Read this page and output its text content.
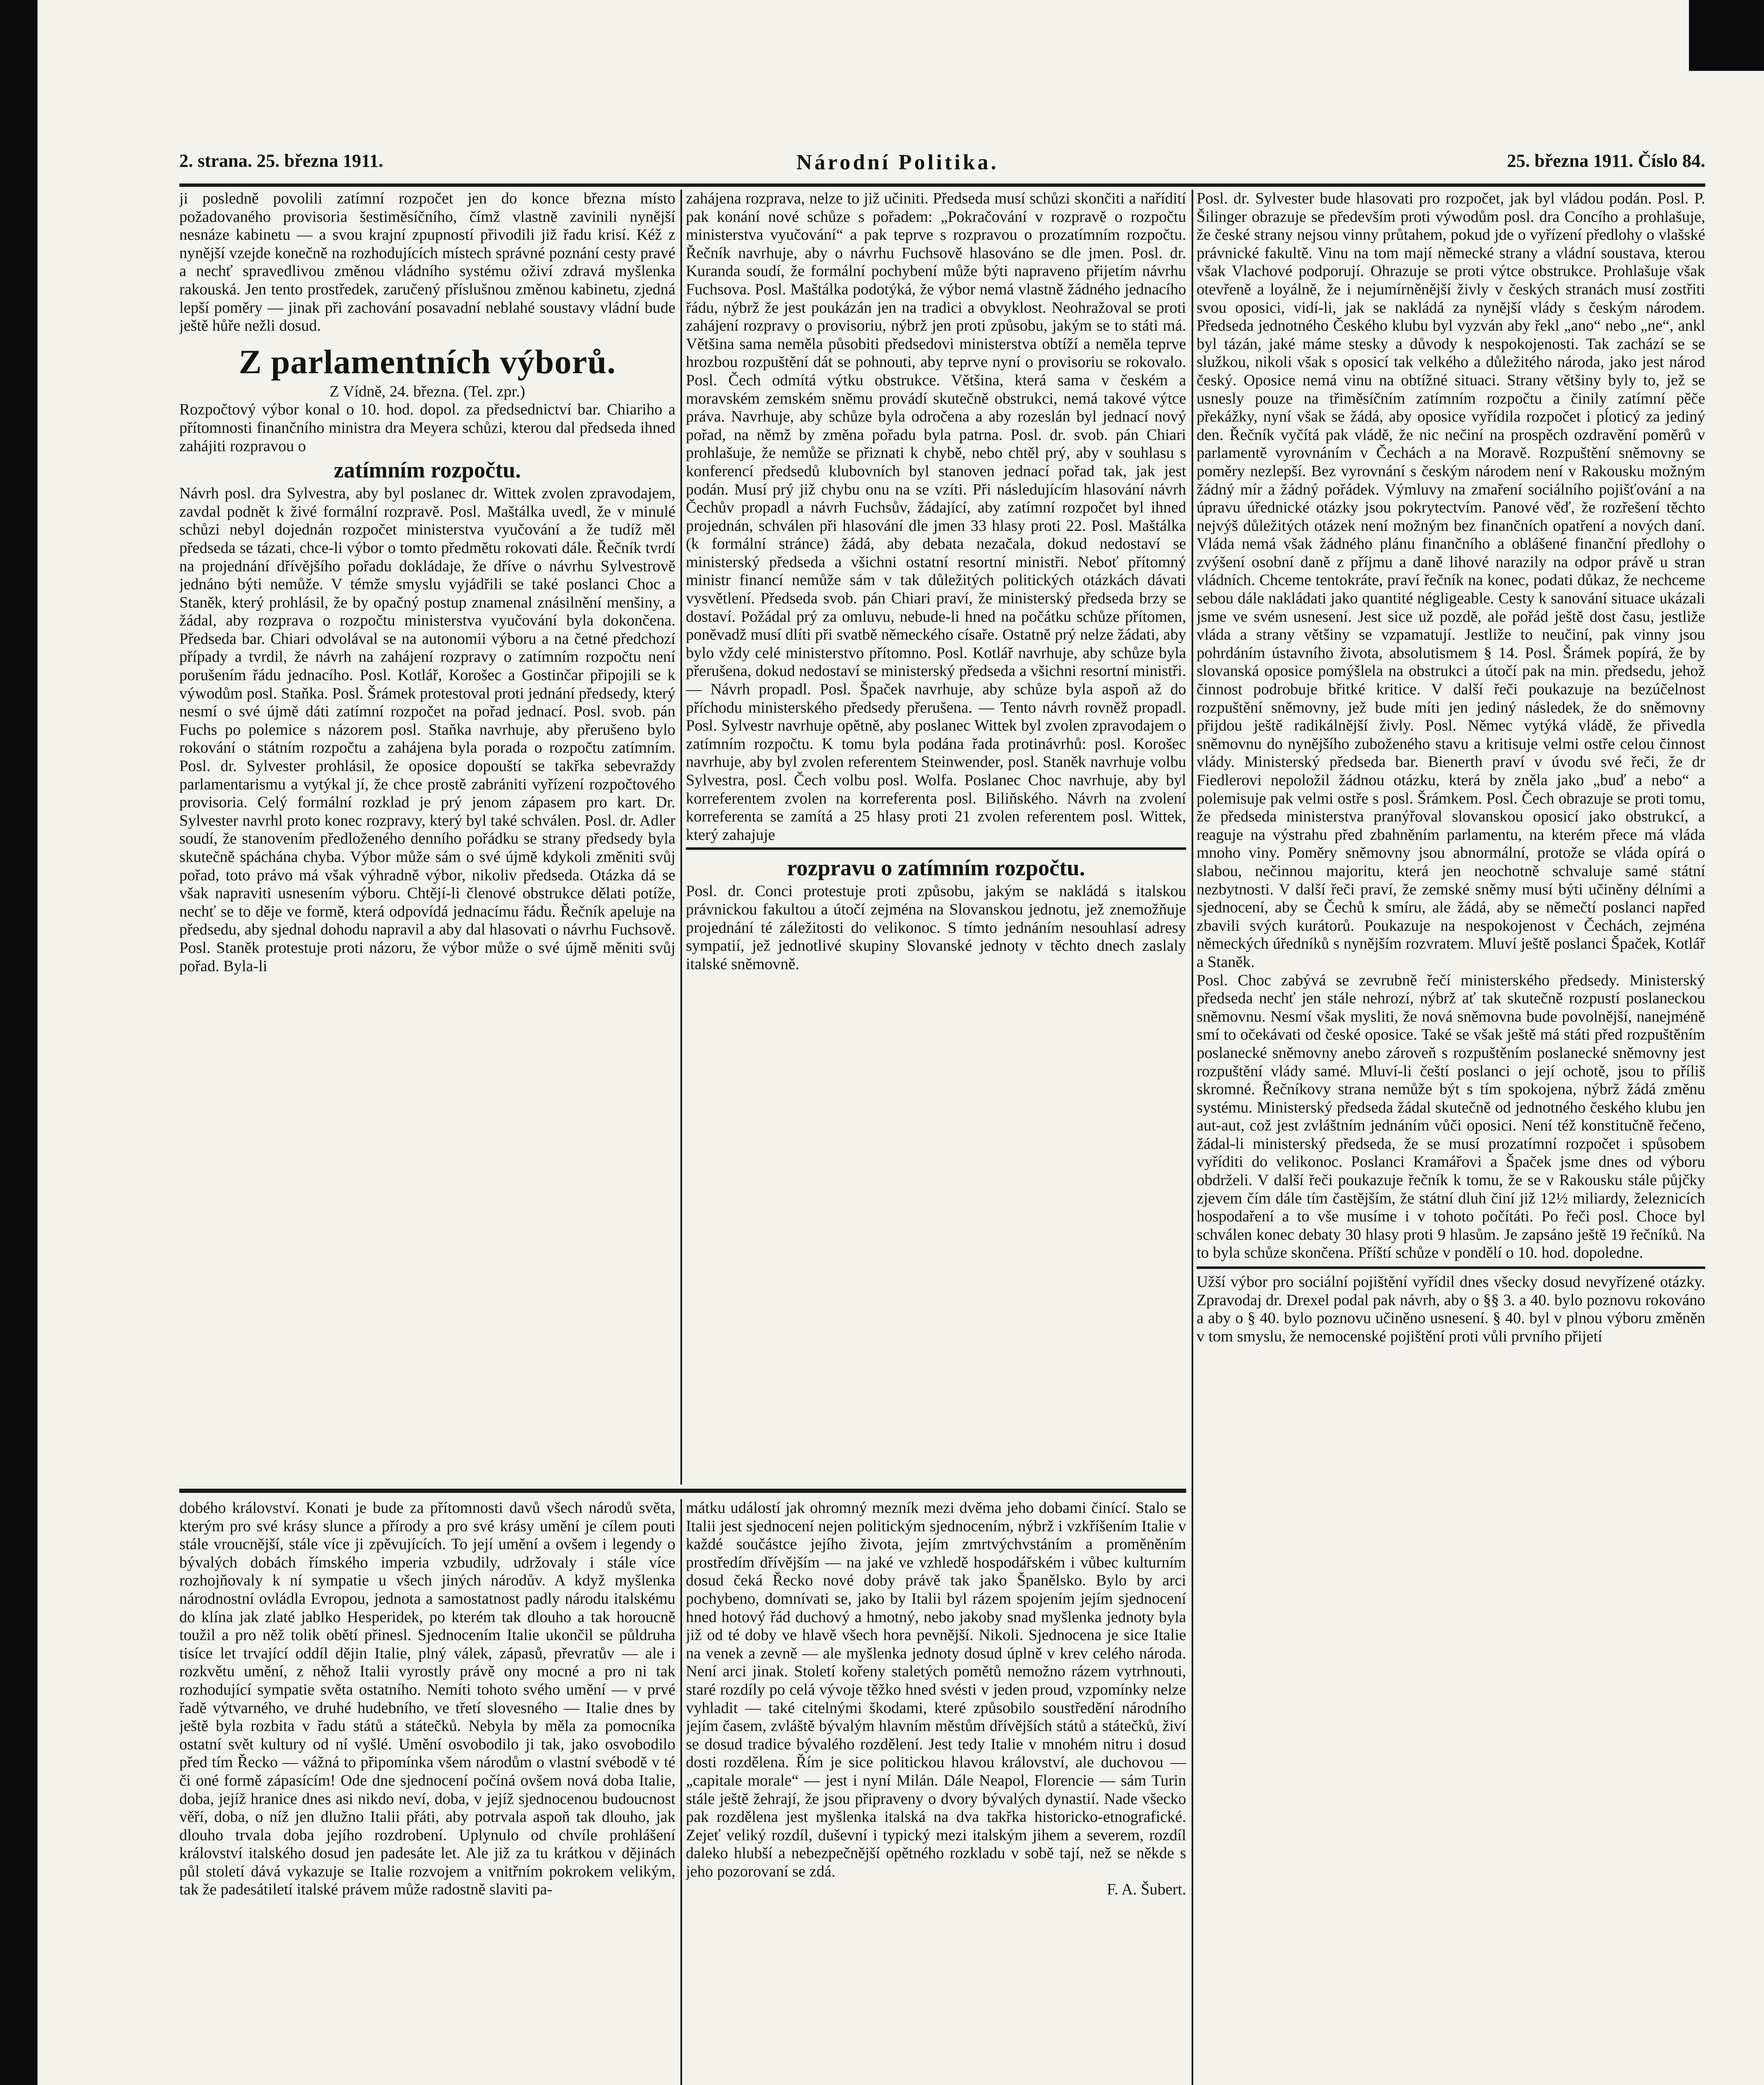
2. strana. 25. března 1911.	Národní Politika.	25. března 1911. Číslo 84.

ji posledně povolili zatímní rozpočet jen do konce března místo požadovaného provisoria šestiměsíčního, čímž vlastně zavinili nynější nesnáze kabinetu — a svou krajní zpupností přivodili již řadu krisí. Kéž z nynější vzejde konečně na rozhodujících místech správné poznání cesty pravé a nechť spravedlivou změnou vládního systému oživí zdravá myšlenka rakouská. Jen tento prostředek, zaručený příslušnou změnou kabinetu, zjedná lepší poměry — jinak při zachování posavadní neblahé soustavy vládní bude ještě hůře nežli dosud.

Z parlamentních výborů.

Z Vídně, 24. března. (Tel. zpr.)

Rozpočtový výbor konal o 10. hod. dopol. za předsednictví bar. Chiariho a přítomnosti finančního ministra dra Meyera schůzi, kterou dal předseda ihned zahájiti rozpravou o

zatímním rozpočtu.

Návrh posl. dra Sylvestra, aby byl poslanec dr. Wittek zvolen zpravodajem, zavdal podnět k živé formální rozpravě. Posl. Maštálka uvedl, že v minulé schůzi nebyl dojednán rozpočet ministerstva vyučování a že tudíž měl předseda se tázati, chce-li výbor o tomto předmětu rokovati dále. Řečník tvrdí na projednání dřívějšího pořadu dokládaje, že dříve o návrhu Sylvestrově jednáno býti nemůže. V témže smyslu vyjádřili se také poslanci Choc a Staněk, který prohlásil, že by opačný postup znamenal znásilnění menšiny, a žádal, aby rozprava o rozpočtu ministerstva vyučování byla dokončena. Předseda bar. Chiari odvolával se na autonomii výboru a na četné předchozí případy a tvrdil, že návrh na zahájení rozpravy o zatímním rozpočtu není porušením řádu jednacího. Posl. Kotlář, Korošec a Gostinčar připojili se k výwodům posl. Staňka. Posl. Šrámek protestoval proti jednání předsedy, který nesmí o své újmě dáti zatímní rozpočet na pořad jednací. Posl. svob. pán Fuchs po polemice s názorem posl. Staňka navrhuje, aby přerušeno bylo rokování o státním rozpočtu a zahájena byla porada o rozpočtu zatímním. Posl. dr. Sylvester prohlásil, že oposice dopouští se takřka sebevraždy parlamentarismu a vytýkal jí, že chce prostě zabrániti vyřízení rozpočtového provisoria. Celý formální rozklad je prý jenom zápasem pro kart. Dr. Sylvester navrhl proto konec rozpravy, který byl také schválen. Posl. dr. Adler soudí, že stanovením předloženého denního pořádku se strany předsedy byla skutečně spáchána chyba. Výbor může sám o své újmě kdykoli změniti svůj pořad, toto právo má však výhradně výbor, nikoliv předseda. Otázka dá se však napraviti usnesením výboru. Chtějí-li členové obstrukce dělati potíže, nechť se to děje ve formě, která odpovídá jednacímu řádu. Řečník apeluje na předsedu, aby sjednal dohodu napravil a aby dal hlasovati o návrhu Fuchsově. Posl. Staněk protestuje proti názoru, že výbor může o své újmě měniti svůj pořad. Byla-li

zahájena rozprava, nelze to již učiniti. Předseda musí schůzi skončiti a nařídití pak konání nové schůze s pořadem: „Pokračování v rozpravě o rozpočtu ministerstva vyučování“ a pak teprve s rozpravou o prozatímním rozpočtu. Řečník navrhuje, aby o návrhu Fuchsově hlasováno se dle jmen. Posl. dr. Kuranda soudí, že formální pochybení může býti napraveno přijetím návrhu Fuchsova. Posl. Maštálka podotýká, že výbor nemá vlastně žádného jednacího řádu, nýbrž že jest poukázán jen na tradici a obvyklost. Neohražoval se proti zahájení rozpravy o provisoriu, nýbrž jen proti způsobu, jakým se to státi má. Většina sama neměla působiti předsedovi ministerstva obtíží a neměla teprve hrozbou rozpuštění dát se pohnouti, aby teprve nyní o provisoriu se rokovalo. Posl. Čech odmítá výtku obstrukce. Většina, která sama v českém a moravském zemském sněmu provádí skutečně obstrukci, nemá takové výtce práva. Navrhuje, aby schůze byla odročena a aby rozeslán byl jednací nový pořad, na němž by změna pořadu byla patrna. Posl. dr. svob. pán Chiari prohlašuje, že nemůže se přiznati k chybě, nebo chtěl prý, aby v souhlasu s konferencí předsedů klubovních byl stanoven jednací pořad tak, jak jest podán. Musí prý již chybu onu na se vzíti. Při následujícím hlasování návrh Čechův propadl a návrh Fuchsův, žádající, aby zatímní rozpočet byl ihned projednán, schválen při hlasování dle jmen 33 hlasy proti 22. Posl. Maštálka (k formální stránce) žádá, aby debata nezačala, dokud nedostaví se ministerský předseda a všichni ostatní resortní ministři. Neboť přítomný ministr financí nemůže sám v tak důležitých politických otázkách dávati vysvětlení. Předseda svob. pán Chiari praví, že ministerský předseda brzy se dostaví. Požádal prý za omluvu, nebude-li hned na počátku schůze přítomen, poněvadž musí dlíti při svatbě německého císaře. Ostatně prý nelze žádati, aby bylo vždy celé ministerstvo přítomno. Posl. Kotlář navrhuje, aby schůze byla přerušena, dokud nedostaví se ministerský předseda a všichni resortní ministři. — Návrh propadl. Posl. Špaček navrhuje, aby schůze byla aspoň až do příchodu ministerského předsedy přerušena. — Tento návrh rovněž propadl. Posl. Sylvestr navrhuje opětně, aby poslanec Wittek byl zvolen zpravodajem o zatímním rozpočtu. K tomu byla podána řada protinávrhů: posl. Korošec navrhuje, aby byl zvolen referentem Steinwender, posl. Staněk navrhuje volbu Sylvestra, posl. Čech volbu posl. Wolfa. Poslanec Choc navrhuje, aby byl korreferentem zvolen na korreferenta posl. Biliňského. Návrh na zvolení korreferenta se zamítá a 25 hlasy proti 21 zvolen referentem posl. Wittek, který zahajuje

rozpravu o zatímním rozpočtu.

Posl. dr. Conci protestuje proti způsobu, jakým se nakládá s italskou právnickou fakultou a útočí zejména na Slovanskou jednotu, jež znemožňuje projednání té záležitosti do velikonoc. S tímto jednáním nesouhlasí adresy sympatií, jež jednotlivé skupiny Slovanské jednoty v těchto dnech zaslaly italské sněmovně.

Posl. dr. Sylvester bude hlasovati pro rozpočet, jak byl vládou podán. Posl. P. Šilinger obrazuje se především proti výwodům posl. dra Concího a prohlašuje, že české strany nejsou vinny průtahem, pokud jde o vyřízení předlohy o vlašské právnické fakultě. Vinu na tom mají německé strany a vládní soustava, kterou však Vlachové podporují. Ohrazuje se proti výtce obstrukce. Prohlašuje však otevřeně a loyálně, že i nejumírněnější živly v českých stranách musí zostřiti svou oposici, vidí-li, jak se nakládá za nynější vlády s českým národem. Předseda jednotného Českého klubu byl vyzván aby řekl „ano“ nebo „ne“, ankl byl tázán, jaké máme stesky a důvody k nespokojenosti. Tak zachází se se služkou, nikoli však s oposicí tak velkého a důležitého národa, jako jest národ český. Oposice nemá vinu na obtížné situaci. Strany většiny byly to, jež se usnesly pouze na třiměsíčním zatímním rozpočtu a činily zatímní pěče překážky, nyní však se žádá, aby oposice vyřídila rozpočet i pĺoticý za jediný den. Řečník vyčítá pak vládě, že nic nečiní na prospěch ozdravění poměrů v parlamentě vyrovnáním v Čechách a na Moravě. Rozpuštění sněmovny se poměry nezlepší. Bez vyrovnání s českým národem není v Rakousku možným žádný mír a žádný pořádek. Výmluvy na zmaření sociálního pojišťování a na úpravu úřednické otázky jsou pokrytectvím. Panové věď, že rozřešení těchto nejvýš důležitých otázek není možným bez finančních opatření a nových daní. Vláda nemá však žádného plánu finančního a oblášené finanční předlohy o zvýšení osobní daně z příjmu a daně lihové narazily na odpor právě u stran vládních. Chceme tentokráte, praví řečník na konec, podati důkaz, že nechceme sebou dále nakládati jako quantité négligeable. Cesty k sanování situace ukázali jsme ve svém usnesení. Jest sice už pozdě, ale pořád ještě dost času, jestliže vláda a strany většiny se vzpamatují. Jestliže to neučiní, pak vinny jsou pohrdáním ústavního života, absolutismem § 14. Posl. Šrámek popírá, že by slovanská oposice pomýšlela na obstrukci a útočí pak na min. předsedu, jehož činnost podrobuje břitké kritice. V další řeči poukazuje na bezúčelnost rozpuštění sněmovny, jež bude míti jen jediný následek, že do sněmovny přijdou ještě radikálnější živly. Posl. Němec vytýká vládě, že přivedla sněmovnu do nynějšího zuboženého stavu a kritisuje velmi ostře celou činnost vlády. Ministerský předseda bar. Bienerth praví v úvodu své řeči, že dr Fiedlerovi nepoložil žádnou otázku, která by zněla jako „buď a nebo“ a polemisuje pak velmi ostře s posl. Šrámkem. Posl. Čech obrazuje se proti tomu, že předseda ministerstva pranýřoval slovanskou oposicí jako obstrukcí, a reaguje na výstrahu před zbahněním parlamentu, na kterém přece má vláda mnoho viny. Poměry sněmovny jsou abnormální, protože se vláda opírá o slabou, nečinnou majoritu, která jen neochotně schvaluje samé státní nezbytnosti. V další řeči praví, že zemské sněmy musí býti učiněny délními a sjednocení, aby se Čechů k smíru, ale žádá, aby se němečtí poslanci napřed zbavili svých kurátorů. Poukazuje na nespokojenost v Čechách, zejména německých úředníků s nynějším rozvratem. Mluví ještě poslanci Špaček, Kotlář a Staněk.

Posl. Choc zabývá se zevrubně řečí ministerského předsedy. Ministerský předseda nechť jen stále nehrozí, nýbrž ať tak skutečně rozpustí poslaneckou sněmovnu. Nesmí však mysliti, že nová sněmovna bude povolnější, nanejméně smí to očekávati od české oposice. Také se však ještě má státi před rozpuštěním poslanecké sněmovny anebo zároveň s rozpuštěním poslanecké sněmovny jest rozpuštění vlády samé. Mluví-li čeští poslanci o její ochotě, jsou to příliš skromné. Řečníkovy strana nemůže být s tím spokojena, nýbrž žádá změnu systému. Ministerský předseda žádal skutečně od jednotného českého klubu jen aut-aut, což jest zvláštním jednáním vůči oposici. Není též konstitučně řečeno, žádal-li ministerský předseda, že se musí prozatímní rozpočet i spůsobem vyříditi do velikonoc. Poslanci Kramářovi a Špaček jsme dnes od výboru obdrželi. V další řeči poukazuje řečník k tomu, že se v Rakousku stále půjčky zjevem čím dále tím častějším, že státní dluh činí již 12½ miliardy, železnicích hospodaření a to vše musíme i v tohoto počítáti. Po řeči posl. Choce byl schválen konec debaty 30 hlasy proti 9 hlasům. Je zapsáno ještě 19 řečníků. Na to byla schůze skončena. Příští schůze v pondělí o 10. hod. dopoledne.

Užší výbor pro sociální pojištění vyřídil dnes všecky dosud nevyřízené otázky. Zpravodaj dr. Drexel podal pak návrh, aby o §§ 3. a 40. bylo poznovu rokováno a aby o § 40. bylo poznovu učiněno usnesení. § 40. byl v plnou výboru změněn v tom smyslu, že nemocenské pojištění proti vůli prvního přijetí

dobého království. Konati je bude za přítomnosti davů všech národů světa, kterým pro své krásy slunce a přírody a pro své krásy umění je cílem pouti stále vroucnější, stále více ji zpěvujících. To její umění a ovšem i legendy o bývalých dobách římského imperia vzbudily, udržovaly i stále více rozhojňovaly k ní sympatie u všech jiných národův. A když myšlenka národnostní ovládla Evropou, jednota a samostatnost padly národu italskému do klína jak zlaté jablko Hesperidek, po kterém tak dlouho a tak horoucně toužil a pro něž tolik obětí přinesl. Sjednocením Italie ukončil se půldruha tisíce let trvající oddíl dějin Italie, plný válek, zápasů, převratův — ale i rozkvětu umění, z něhož Italii vyrostly právě ony mocné a pro ni tak rozhodující sympatie světa ostatního. Nemíti tohoto svého umění — v prvé řadě výtvarného, ve druhé hudebního, ve třetí slovesného — Italie dnes by ještě byla rozbita v řadu států a státečků. Nebyla by měla za pomocníka ostatní svět kultury od ní vyšlé. Umění osvobodilo ji tak, jako osvobodilo před tím Řecko — vážná to připomínka všem národům o vlastní svébodě v té či oné formě zápasícím! Ode dne sjednocení počíná ovšem nová doba Italie, doba, jejíž hranice dnes asi nikdo neví, doba, v jejíž sjednocenou budoucnost věří, doba, o níž jen dlužno Italii přáti, aby potrvala aspoň tak dlouho, jak dlouho trvala doba jejího rozdrobení. Uplynulo od chvíle prohlášení království italského dosud jen padesáte let. Ale již za tu krátkou v dějinách půl století dává vykazuje se Italie rozvojem a vnitřním pokrokem velikým, tak že padesátiletí italské právem může radostně slaviti pa-

mátku událostí jak ohromný mezník mezi dvěma jeho dobami činící. Stalo se Italii jest sjednocení nejen politickým sjednocením, nýbrž i vzkříšením Italie v každé součástce jejího života, jejím zmrtvýchvstáním a proměněním prostředím dřívějším — na jaké ve vzhledě hospodářském i vůbec kulturním dosud čeká Řecko nové doby právě tak jako Španělsko. Bylo by arci pochybeno, domnívati se, jako by Italii byl rázem spojením jejím sjednocení hned hotový řád duchový a hmotný, nebo jakoby snad myšlenka jednoty byla již od té doby ve hlavě všech hora pevnější. Nikoli. Sjednocena je sice Italie na venek a zevně — ale myšlenka jednoty dosud úplně v krev celého národa. Není arci jinak. Století kořeny staletých pomětů nemožno rázem vytrhnouti, staré rozdíly po celá vývoje těžko hned svésti v jeden proud, vzpomínky nelze vyhladit — také citelnými škodami, které způsobilo soustředění národního jejím časem, zvláště bývalým hlavním městům dřívějších států a státečků, živí se dosud tradice bývalého rozdělení. Jest tedy Italie v mnohém nitru i dosud dosti rozdělena. Řím je sice politickou hlavou království, ale duchovou — „capitale morale“ — jest i nyní Milán. Dále Neapol, Florencie — sám Turin stále ještě žehrají, že jsou připraveny o dvory bývalých dynastií. Nade všecko pak rozdělena jest myšlenka italská na dva takřka historicko-etnografické. Zejeť veliký rozdíl, duševní i typický mezi italským jihem a severem, rozdíl daleko hlubší a nebezpečnější opětného rozkladu v sobě tají, než se někde s jeho pozorovaní se zdá.

F. A. Šubert.
